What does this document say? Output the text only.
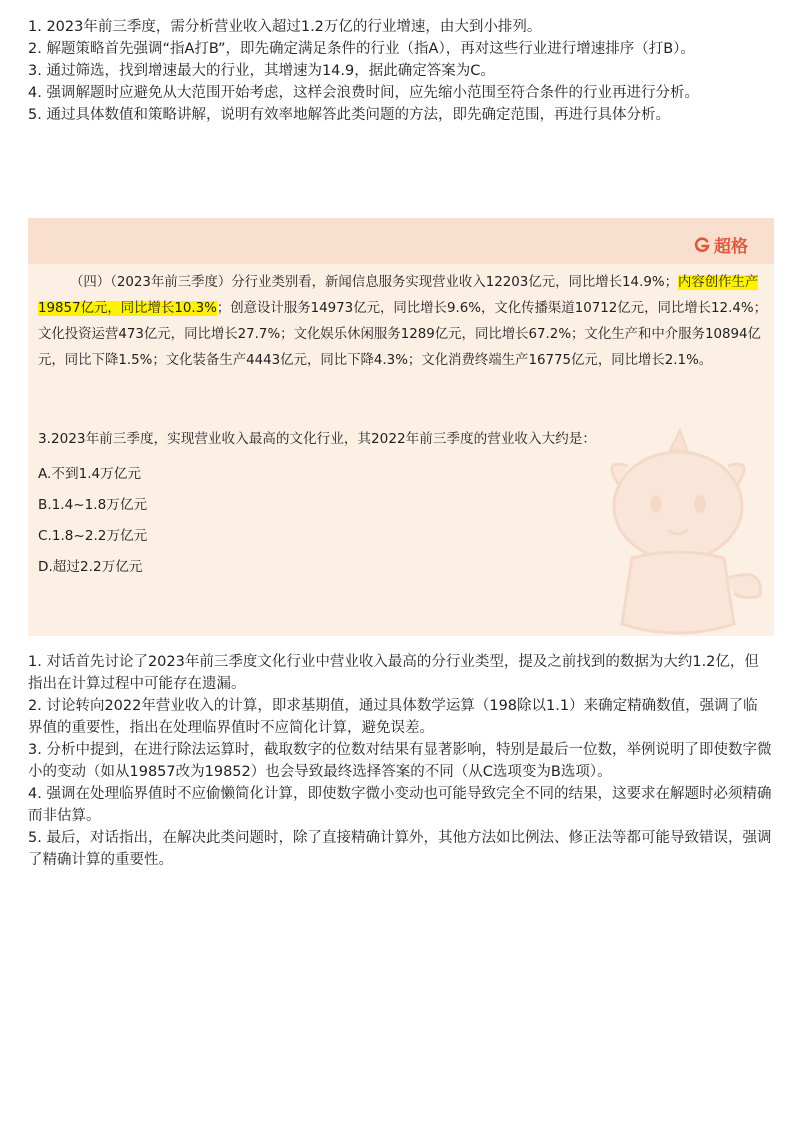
1. 2023年前三季度，需分析营业收入超过1.2万亿的行业增速，由大到小排列。

2. 解题策略首先强调“指A打B”，即先确定满足条件的行业（指A），再对这些行业进行增速排序（打B）。

3. 通过筛选，找到增速最大的行业，其增速为14.9，据此确定答案为C。

4. 强调解题时应避免从大范围开始考虑，这样会浪费时间，应先缩小范围至符合条件的行业再进行分析。

5. 通过具体数值和策略讲解，说明有效率地解答此类问题的方法，即先确定范围，再进行具体分析。

超格
（四）（2023年前三季度）分行业类别看，新闻信息服务实现营业收入12203亿元，同比增长14.9%；内容创作生产19857亿元，同比增长10.3%；创意设计服务14973亿元，同比增长9.6%，文化传播渠道10712亿元，同比增长12.4%；文化投资运营473亿元，同比增长27.7%；文化娱乐休闲服务1289亿元，同比增长67.2%；文化生产和中介服务10894亿元，同比下降1.5%；文化装备生产4443亿元，同比下降4.3%；文化消费终端生产16775亿元，同比增长2.1%。

3.2023年前三季度，实现营业收入最高的文化行业，其2022年前三季度的营业收入大约是：

A.不到1.4万亿元

B.1.4~1.8万亿元

C.1.8~2.2万亿元

D.超过2.2万亿元

1. 对话首先讨论了2023年前三季度文化行业中营业收入最高的分行业类型，提及之前找到的数据为大约1.2亿，但指出在计算过程中可能存在遗漏。

2. 讨论转向2022年营业收入的计算，即求基期值，通过具体数学运算（198除以1.1）来确定精确数值，强调了临界值的重要性，指出在处理临界值时不应简化计算，避免误差。

3. 分析中提到，在进行除法运算时，截取数字的位数对结果有显著影响，特别是最后一位数，举例说明了即使数字微小的变动（如从19857改为19852）也会导致最终选择答案的不同（从C选项变为B选项）。

4. 强调在处理临界值时不应偷懒简化计算，即使数字微小变动也可能导致完全不同的结果，这要求在解题时必须精确而非估算。

5. 最后，对话指出，在解决此类问题时，除了直接精确计算外，其他方法如比例法、修正法等都可能导致错误，强调了精确计算的重要性。
